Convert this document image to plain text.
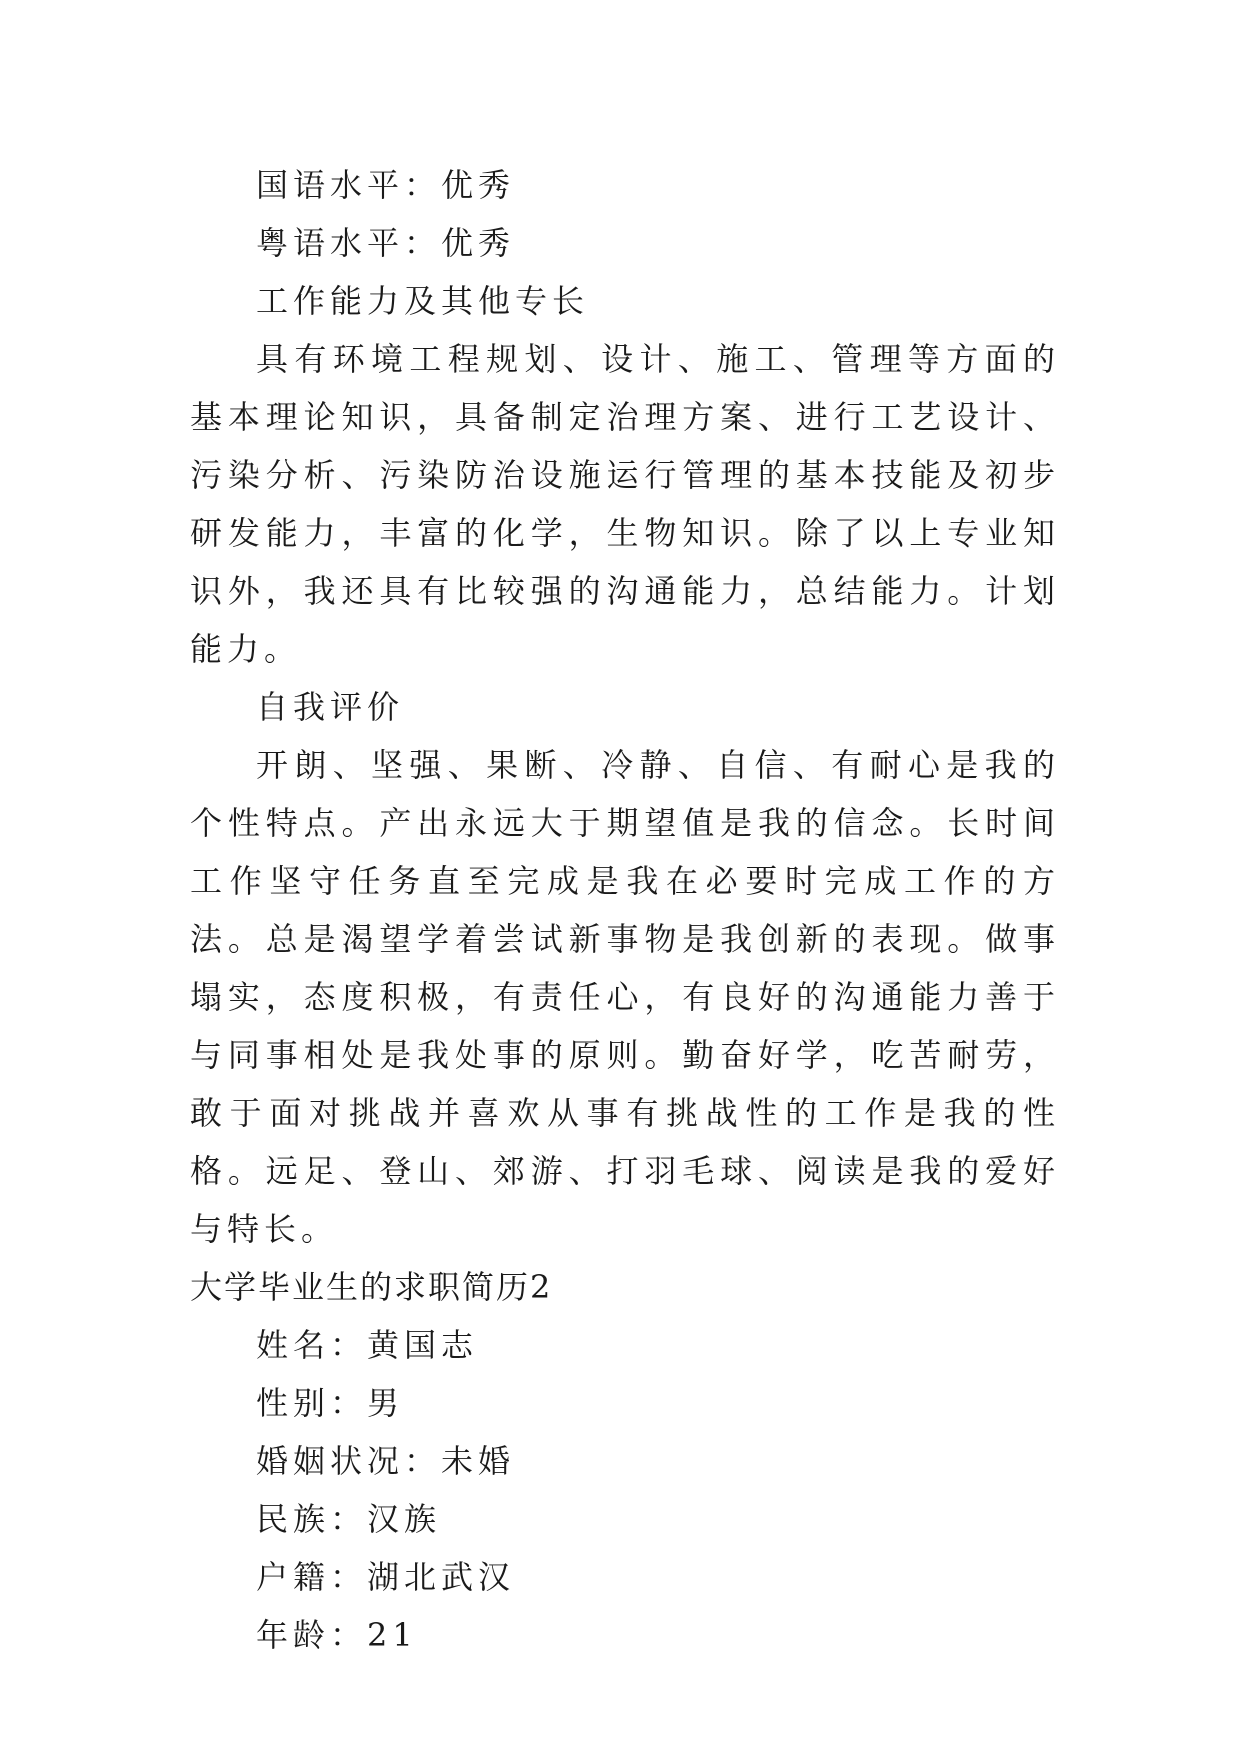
国语水平：优秀

粤语水平：优秀

工作能力及其他专长

具有环境工程规划、设计、施工、管理等方面的基本理论知识，具备制定治理方案、进行工艺设计、污染分析、污染防治设施运行管理的基本技能及初步研发能力，丰富的化学，生物知识。除了以上专业知识外，我还具有比较强的沟通能力，总结能力。计划能力。

自我评价

开朗、坚强、果断、冷静、自信、有耐心是我的个性特点。产出永远大于期望值是我的信念。长时间工作坚守任务直至完成是我在必要时完成工作的方法。总是渴望学着尝试新事物是我创新的表现。做事塌实，态度积极，有责任心，有良好的沟通能力善于与同事相处是我处事的原则。勤奋好学，吃苦耐劳，敢于面对挑战并喜欢从事有挑战性的工作是我的性格。远足、登山、郊游、打羽毛球、阅读是我的爱好与特长。

大学毕业生的求职简历2

姓名：黄国志

性别：男

婚姻状况：未婚

民族：汉族

户籍：湖北武汉

年龄：21
